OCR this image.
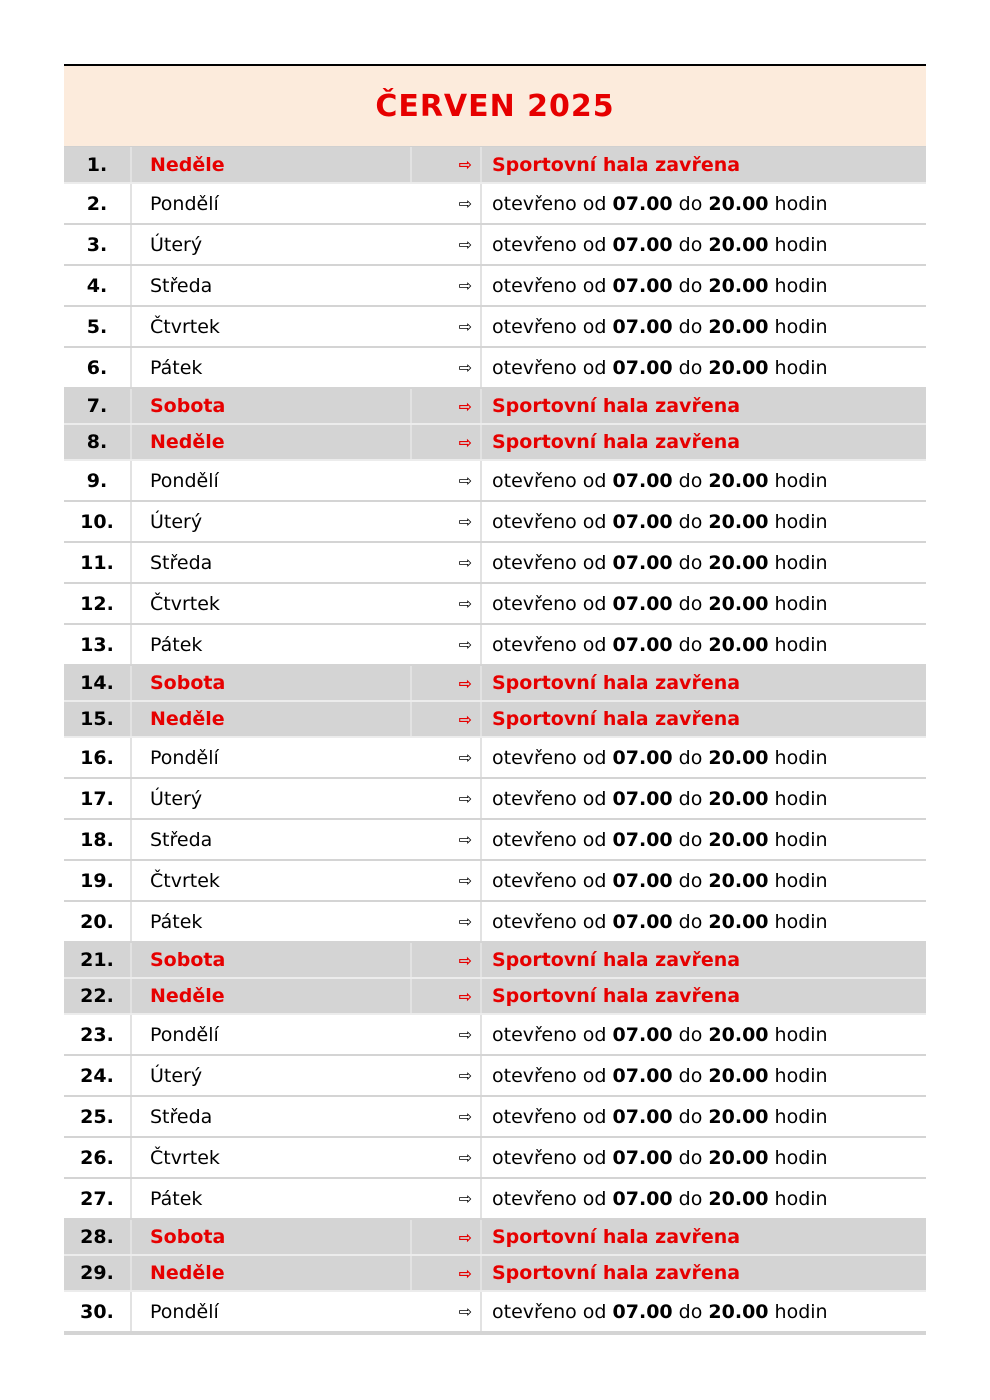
ČERVEN 2025
1.	Neděle	⇨	Sportovní hala zavřena
2.	Pondělí	⇨	otevřeno od 07.00 do 20.00 hodin
3.	Úterý	⇨	otevřeno od 07.00 do 20.00 hodin
4.	Středa	⇨	otevřeno od 07.00 do 20.00 hodin
5.	Čtvrtek	⇨	otevřeno od 07.00 do 20.00 hodin
6.	Pátek	⇨	otevřeno od 07.00 do 20.00 hodin
7.	Sobota	⇨	Sportovní hala zavřena
8.	Neděle	⇨	Sportovní hala zavřena
9.	Pondělí	⇨	otevřeno od 07.00 do 20.00 hodin
10.	Úterý	⇨	otevřeno od 07.00 do 20.00 hodin
11.	Středa	⇨	otevřeno od 07.00 do 20.00 hodin
12.	Čtvrtek	⇨	otevřeno od 07.00 do 20.00 hodin
13.	Pátek	⇨	otevřeno od 07.00 do 20.00 hodin
14.	Sobota	⇨	Sportovní hala zavřena
15.	Neděle	⇨	Sportovní hala zavřena
16.	Pondělí	⇨	otevřeno od 07.00 do 20.00 hodin
17.	Úterý	⇨	otevřeno od 07.00 do 20.00 hodin
18.	Středa	⇨	otevřeno od 07.00 do 20.00 hodin
19.	Čtvrtek	⇨	otevřeno od 07.00 do 20.00 hodin
20.	Pátek	⇨	otevřeno od 07.00 do 20.00 hodin
21.	Sobota	⇨	Sportovní hala zavřena
22.	Neděle	⇨	Sportovní hala zavřena
23.	Pondělí	⇨	otevřeno od 07.00 do 20.00 hodin
24.	Úterý	⇨	otevřeno od 07.00 do 20.00 hodin
25.	Středa	⇨	otevřeno od 07.00 do 20.00 hodin
26.	Čtvrtek	⇨	otevřeno od 07.00 do 20.00 hodin
27.	Pátek	⇨	otevřeno od 07.00 do 20.00 hodin
28.	Sobota	⇨	Sportovní hala zavřena
29.	Neděle	⇨	Sportovní hala zavřena
30.	Pondělí	⇨	otevřeno od 07.00 do 20.00 hodin
